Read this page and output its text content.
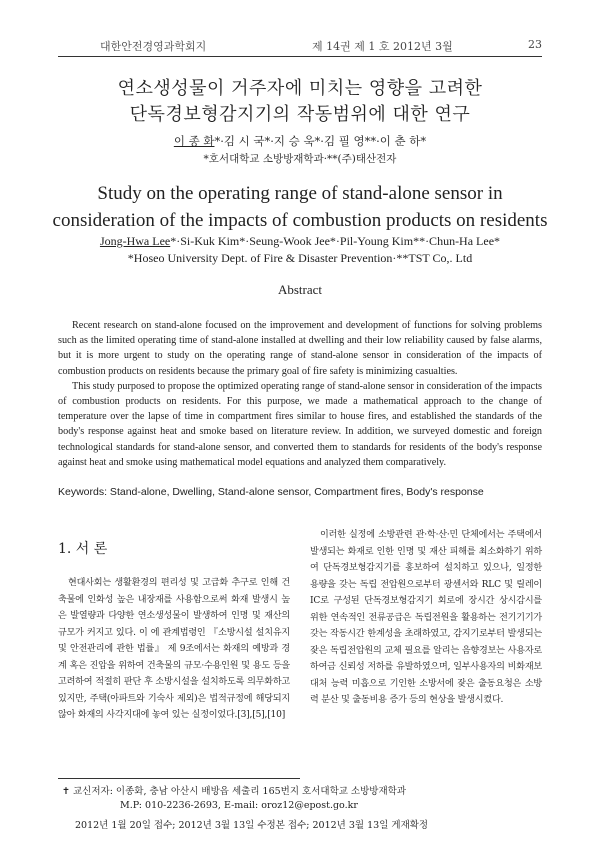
대한안전경영과학회지	제 14권 제 1 호 2012년 3월	23
연소생성물이 거주자에 미치는 영향을 고려한
단독경보형감지기의 작동범위에 대한 연구
이 종 화*·김 시 국*·지 승 욱*·김 필 영**·이 춘 하*
*호서대학교 소방방재학과·**(주)태산전자
Study on the operating range of stand-alone sensor in
consideration of the impacts of combustion products on residents
Jong-Hwa Lee*·Si-Kuk Kim*·Seung-Wook Jee*·Pil-Young Kim**·Chun-Ha Lee*
*Hoseo University Dept. of Fire & Disaster Prevention·**TST Co,. Ltd
Abstract

Recent research on stand-alone focused on the improvement and development of functions for solving problems such as the limited operating time of stand-alone installed at dwelling and their low reliability caused by false alarms, but it is more urgent to study on the operating range of stand-alone sensor in consideration of the impacts of combustion products on residents because the primary goal of fire safety is minimizing casualties.

This study purposed to propose the optimized operating range of stand-alone sensor in consideration of the impacts of combustion products on residents. For this purpose, we made a mathematical approach to the change of temperature over the lapse of time in compartment fires similar to house fires, and established the standards of the body's response against heat and smoke based on literature review. In addition, we surveyed domestic and foreign technological standards for stand-alone sensor, and converted them to standards for residents of the body's response against heat and smoke using mathematical model equations and analyzed them comparatively.

Keywords: Stand-alone, Dwelling, Stand-alone sensor, Compartment fires, Body's response
1. 서 론

현대사회는 생활환경의 편리성 및 고급화 추구로 인해 건축물에 인화성 높은 내장재를 사용함으로써 화재 발생시 높은 발열량과 다양한 연소생성물이 발생하여 인명 및 재산의 규모가 커지고 있다. 이 에 관계법령인 『소방시설 설치유지 및 안전관리에 관한 법률』 제 9조에서는 화재의 예방과 경계 혹은 진압을 위하여 건축물의 규모·수용인원 및 용도 등을 고려하여 적절히 판단 후 소방시설을 설치하도록 의무화하고 있지만, 주택(아파트와 기숙사 제외)은 법적규정에 해당되지 않아 화재의 사각지대에 놓여 있는 실정이었다.[3],[5],[10]

이러한 실정에 소방관련 관·학·산·민 단체에서는 주택에서 발생되는 화재로 인한 인명 및 재산 피해를 최소화하기 위하여 단독경보형감지기를 홍보하여 설치하고 있으나, 일정한 용량을 갖는 독립 전압원으로부터 광센서와 RLC 및 릴레이 IC로 구성된 단독경보형감지기 회로에 장시간 상시감시를 위한 연속적인 전류공급은 독립전원을 활용하는 전기기기가 갖는 작동시간 한계성을 초래하였고, 감지기로부터 발생되는 잦은 독립전압원의 교체 필요를 알리는 음향경보는 사용자로 하여금 신뢰성 저하를 유발하였으며, 일부사용자의 비화재보대처 능력 미흡으로 기인한 소방서에 잦은 출동요청은 소방력 분산 및 출동비용 증가 등의 현상을 발생시켰다.

✝ 교신저자: 이종화, 충남 아산시 배방읍 세출리 165번지 호서대학교 소방방재학과
M.P: 010-2236-2693, E-mail: oroz12@epost.go.kr
2012년 1월 20일 접수; 2012년 3월 13일 수정본 접수; 2012년 3월 13일 게재확정
